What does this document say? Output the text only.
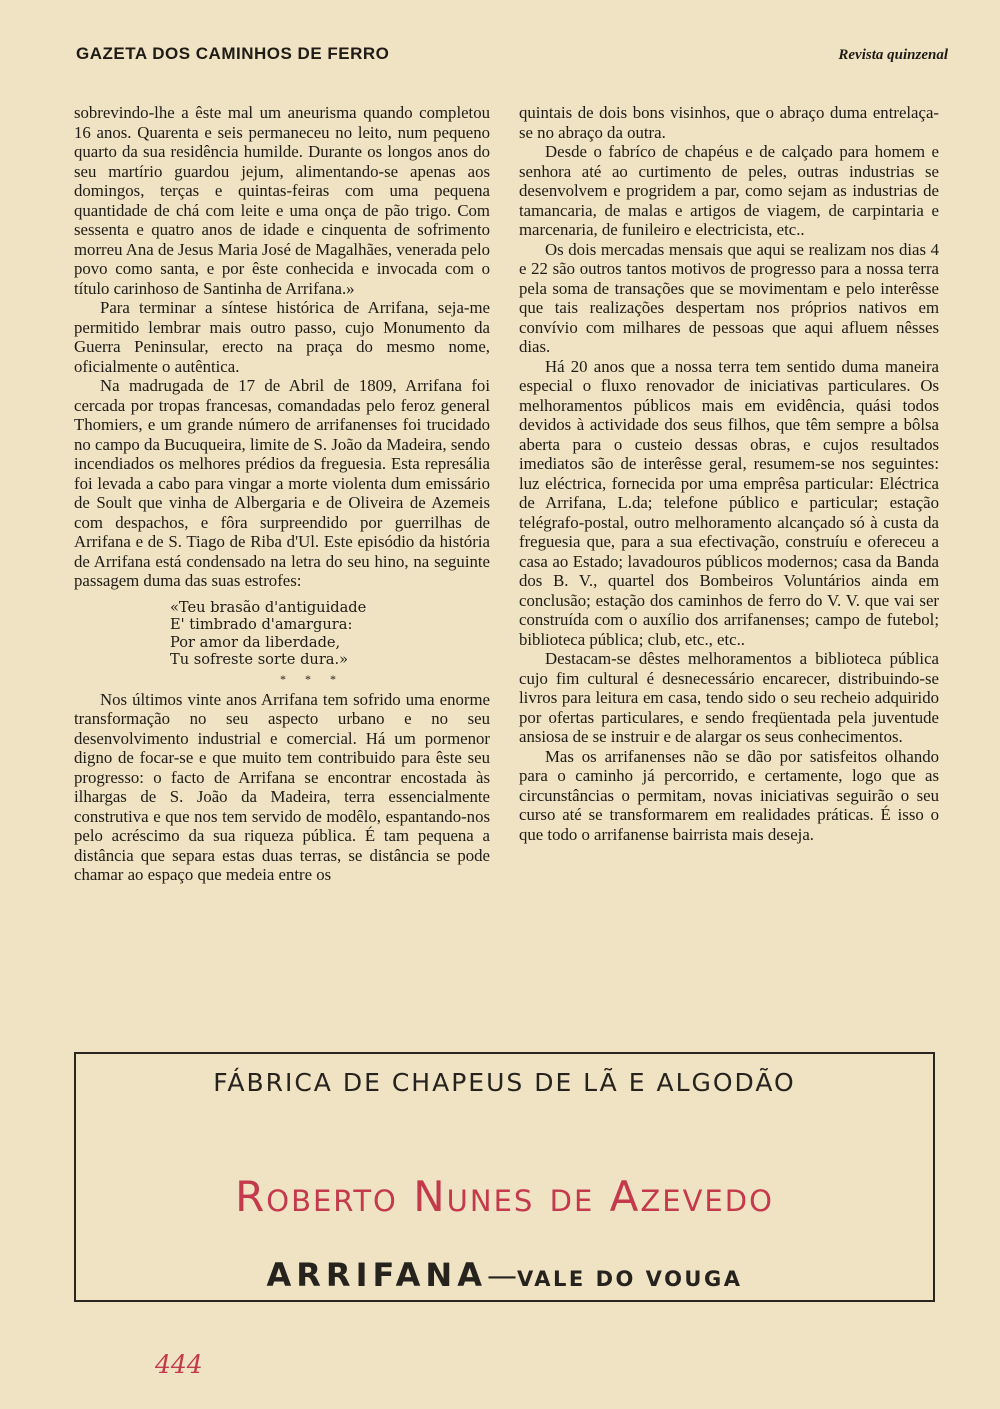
GAZETA DOS CAMINHOS DE FERRO	Revista quinzenal

sobrevindo-lhe a êste mal um aneurisma quando completou 16 anos. Quarenta e seis permaneceu no leito, num pequeno quarto da sua residência humilde. Durante os longos anos do seu martírio guardou jejum, alimentando-se apenas aos domingos, terças e quintas-feiras com uma pequena quantidade de chá com leite e uma onça de pão trigo. Com sessenta e quatro anos de idade e cinquenta de sofrimento morreu Ana de Jesus Maria José de Magalhães, venerada pelo povo como santa, e por êste conhecida e invocada com o título carinhoso de Santinha de Arrifana.»

Para terminar a síntese histórica de Arrifana, seja-me permitido lembrar mais outro passo, cujo Monumento da Guerra Peninsular, erecto na praça do mesmo nome, oficialmente o autêntica.

Na madrugada de 17 de Abril de 1809, Arrifana foi cercada por tropas francesas, comandadas pelo feroz general Thomiers, e um grande número de arrifanenses foi trucidado no campo da Bucuqueira, limite de S. João da Madeira, sendo incendiados os melhores prédios da freguesia. Esta represália foi levada a cabo para vingar a morte violenta dum emissário de Soult que vinha de Albergaria e de Oliveira de Azemeis com despachos, e fôra surpreendido por guerrilhas de Arrifana e de S. Tiago de Riba d'Ul. Este episódio da história de Arrifana está condensado na letra do seu hino, na seguinte passagem duma das suas estrofes:

«Teu brasão d'antiguidade
E' timbrado d'amargura:
Por amor da liberdade,
Tu sofreste sorte dura.»
* * *

Nos últimos vinte anos Arrifana tem sofrido uma enorme transformação no seu aspecto urbano e no seu desenvolvimento industrial e comercial. Há um pormenor digno de focar-se e que muito tem contribuido para êste seu progresso: o facto de Arrifana se encontrar encostada às ilhargas de S. João da Madeira, terra essencialmente construtiva e que nos tem servido de modêlo, espantando-nos pelo acréscimo da sua riqueza pública. É tam pequena a distância que separa estas duas terras, se distância se pode chamar ao espaço que medeia entre os

quintais de dois bons visinhos, que o abraço duma entrelaça-se no abraço da outra.

Desde o fabríco de chapéus e de calçado para homem e senhora até ao curtimento de peles, outras industrias se desenvolvem e progridem a par, como sejam as industrias de tamancaria, de malas e artigos de viagem, de carpintaria e marcenaria, de funileiro e electricista, etc..

Os dois mercadas mensais que aqui se realizam nos dias 4 e 22 são outros tantos motivos de progresso para a nossa terra pela soma de transações que se movimentam e pelo interêsse que tais realizações despertam nos próprios nativos em convívio com milhares de pessoas que aqui afluem nêsses dias.

Há 20 anos que a nossa terra tem sentido duma maneira especial o fluxo renovador de iniciativas particulares. Os melhoramentos públicos mais em evidência, quási todos devidos à actividade dos seus filhos, que têm sempre a bôlsa aberta para o custeio dessas obras, e cujos resultados imediatos são de interêsse geral, resumem-se nos seguintes: luz eléctrica, fornecida por uma emprêsa particular: Eléctrica de Arrifana, L.da; telefone público e particular; estação telégrafo-postal, outro melhoramento alcançado só à custa da freguesia que, para a sua efectivação, construíu e ofereceu a casa ao Estado; lavadouros públicos modernos; casa da Banda dos B. V., quartel dos Bombeiros Voluntários ainda em conclusão; estação dos caminhos de ferro do V. V. que vai ser construída com o auxílio dos arrifanenses; campo de futebol; biblioteca pública; club, etc., etc..

Destacam-se dêstes melhoramentos a biblioteca pública cujo fim cultural é desnecessário encarecer, distribuindo-se livros para leitura em casa, tendo sido o seu recheio adquirido por ofertas particulares, e sendo freqüentada pela juventude ansiosa de se instruir e de alargar os seus conhecimentos.

Mas os arrifanenses não se dão por satisfeitos olhando para o caminho já percorrido, e certamente, logo que as circunstâncias o permitam, novas iniciativas seguirão o seu curso até se transformarem em realidades práticas. É isso o que todo o arrifanense bairrista mais deseja.

FÁBRICA DE CHAPEUS DE LÃ E ALGODÃO
Roberto Nunes de Azevedo
ARRIFANA—VALE DO VOUGA
444
